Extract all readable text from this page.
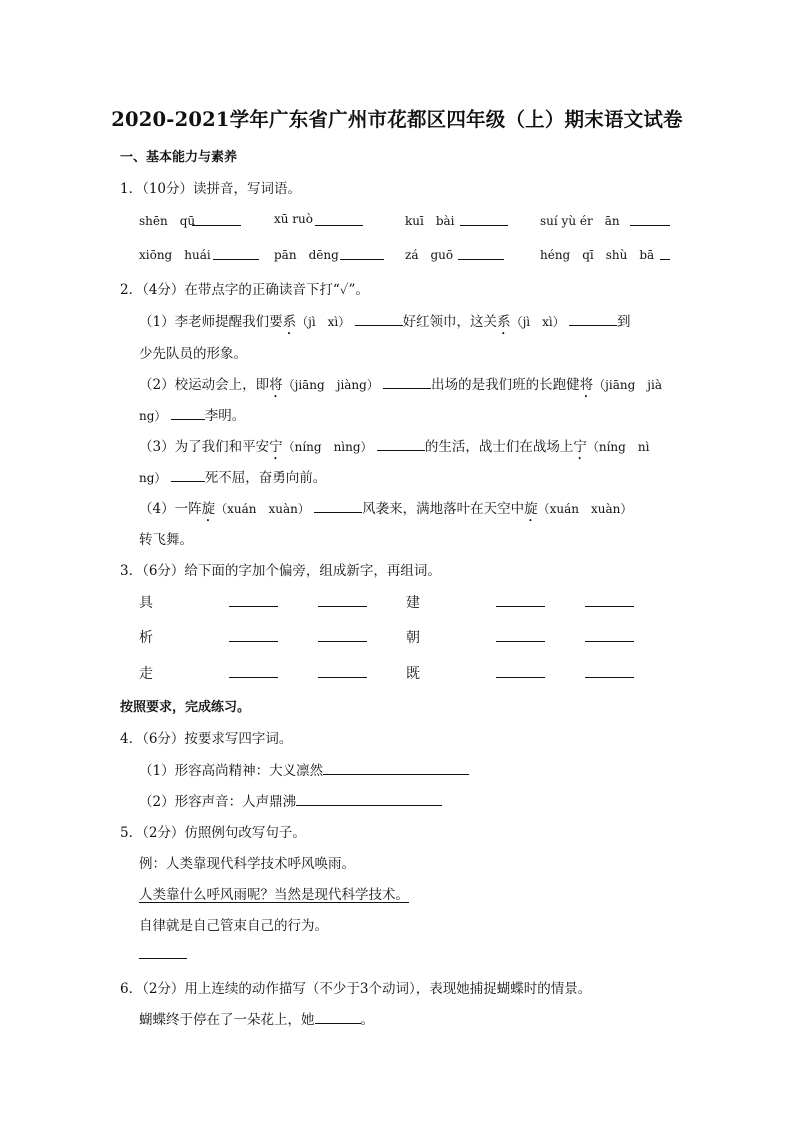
2020-2021学年广东省广州市花都区四年级（上）期末语文试卷
一、基本能力与素养
1．（10分）读拼音，写词语。
shēn　qū	xū ruò	kuī　bài	suí yù ér　ān
xiōng　huái	pān　dēng	zá　guō	héng　qī　shù　bā
2．（4分）在带点字的正确读音下打“✓”。
（1）李老师提醒我们要系（jì　xì）	好红领巾，这关系（jì　xì）	到
少先队员的形象。
（2）校运动会上，即将（jiāng　jiàng）	出场的是我们班的长跑健将（jiāng　jià
ng）	李明。
（3）为了我们和平安宁（níng　nìng）	的生活，战士们在战场上宁（níng　nì
ng）	死不屈，奋勇向前。
（4）一阵旋（xuán　xuàn）	风袭来，满地落叶在天空中旋（xuán　xuàn）
转飞舞。
3．（6分）给下面的字加个偏旁，组成新字，再组词。
具	建
析	朝
走	既
按照要求，完成练习。
4．（6分）按要求写四字词。
（1）形容高尚精神：大义凛然
（2）形容声音：人声鼎沸
5．（2分）仿照例句改写句子。
例：人类靠现代科学技术呼风唤雨。
人类靠什么呼风雨呢？当然是现代科学技术。
自律就是自己管束自己的行为。
6．（2分）用上连续的动作描写（不少于3个动词），表现她捕捉蝴蝶时的情景。
蝴蝶终于停在了一朵花上，她	。
